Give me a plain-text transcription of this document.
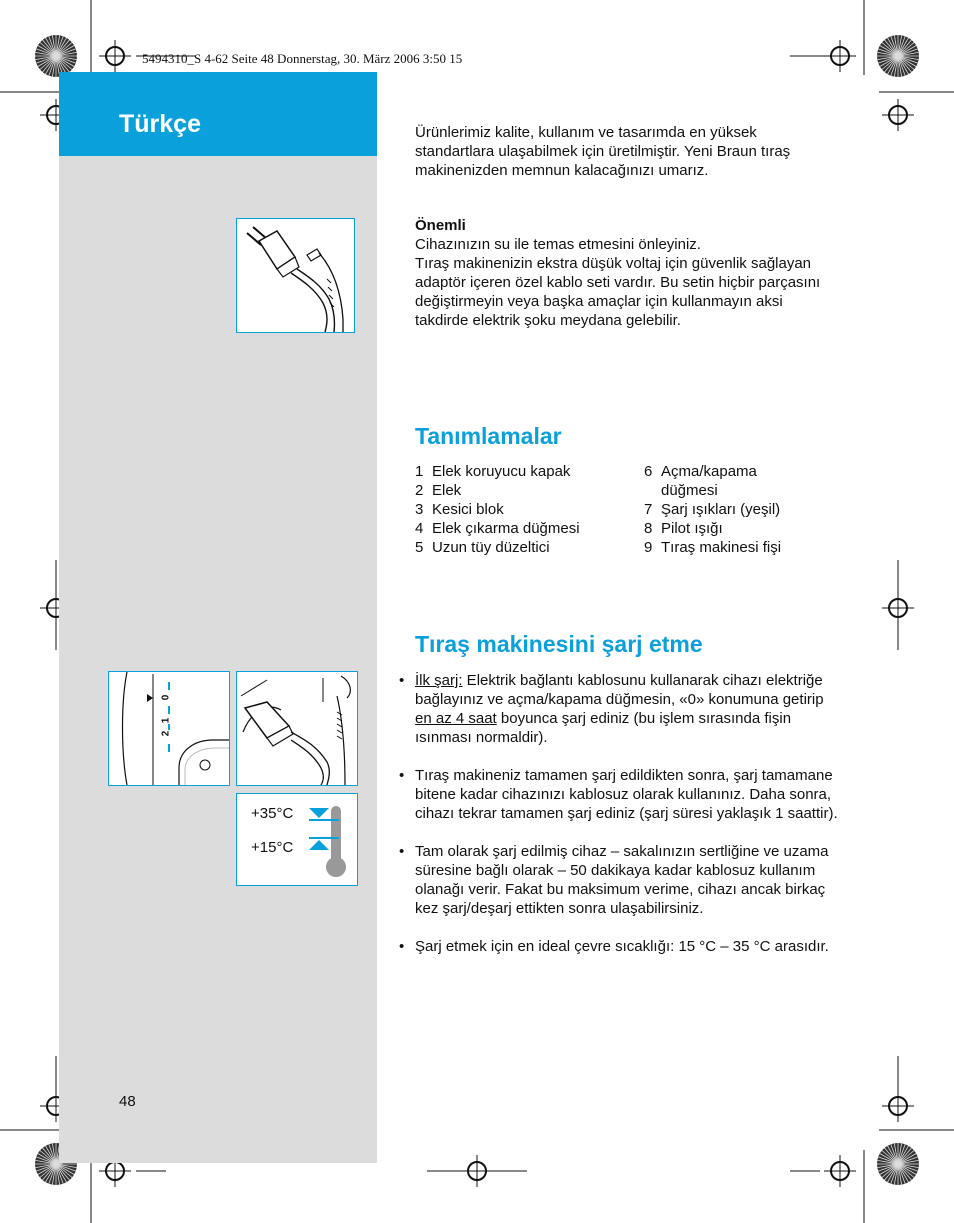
5494310_S 4-62 Seite 48 Donnerstag, 30. März 2006 3:50 15
Türkçe
0
1
2
+35°C
+15°C
Ürünlerimiz kalite, kullanım ve tasarımda en yüksek standartlara ulaşabilmek için üretilmiştir. Yeni Braun tıraş makinenizden memnun kalacağınızı umarız.
Önemli
Cihazınızın su ile temas etmesini önleyiniz.
Tıraş makinenizin ekstra düşük voltaj için güvenlik sağlayan adaptör içeren özel kablo seti vardır. Bu setin hiçbir parçasını değiştirmeyin veya başka amaçlar için kullanmayın aksi takdirde elektrik şoku meydana gelebilir.
Tanımlamalar
1 Elek koruyucu kapak
2 Elek
3 Kesici blok
4 Elek çıkarma düğmesi
5 Uzun tüy düzeltici
6 Açma/kapama düğmesi
7 Şarj ışıkları (yeşil)
8 Pilot ışığı
9 Tıraş makinesi fişi
Tıraş makinesini şarj etme
• İlk şarj: Elektrik bağlantı kablosunu kullanarak cihazı elektriğe bağlayınız ve açma/kapama düğmesin, «0» konumuna getirip en az 4 saat boyunca şarj ediniz (bu işlem sırasında fişin ısınması normaldir).
• Tıraş makineniz tamamen şarj edildikten sonra, şarj tamamane bitene kadar cihazınızı kablosuz olarak kullanınız. Daha sonra, cihazı tekrar tamamen şarj ediniz (şarj süresi yaklaşık 1 saattir).
• Tam olarak şarj edilmiş cihaz – sakalınızın sertliğine ve uzama süresine bağlı olarak – 50 dakikaya kadar kablosuz kullanım olanağı verir. Fakat bu maksimum verime, cihazı ancak birkaç kez şarj/deşarj ettikten sonra ulaşabilirsiniz.
• Şarj etmek için en ideal çevre sıcaklığı: 15 °C – 35 °C arasıdır.
48
